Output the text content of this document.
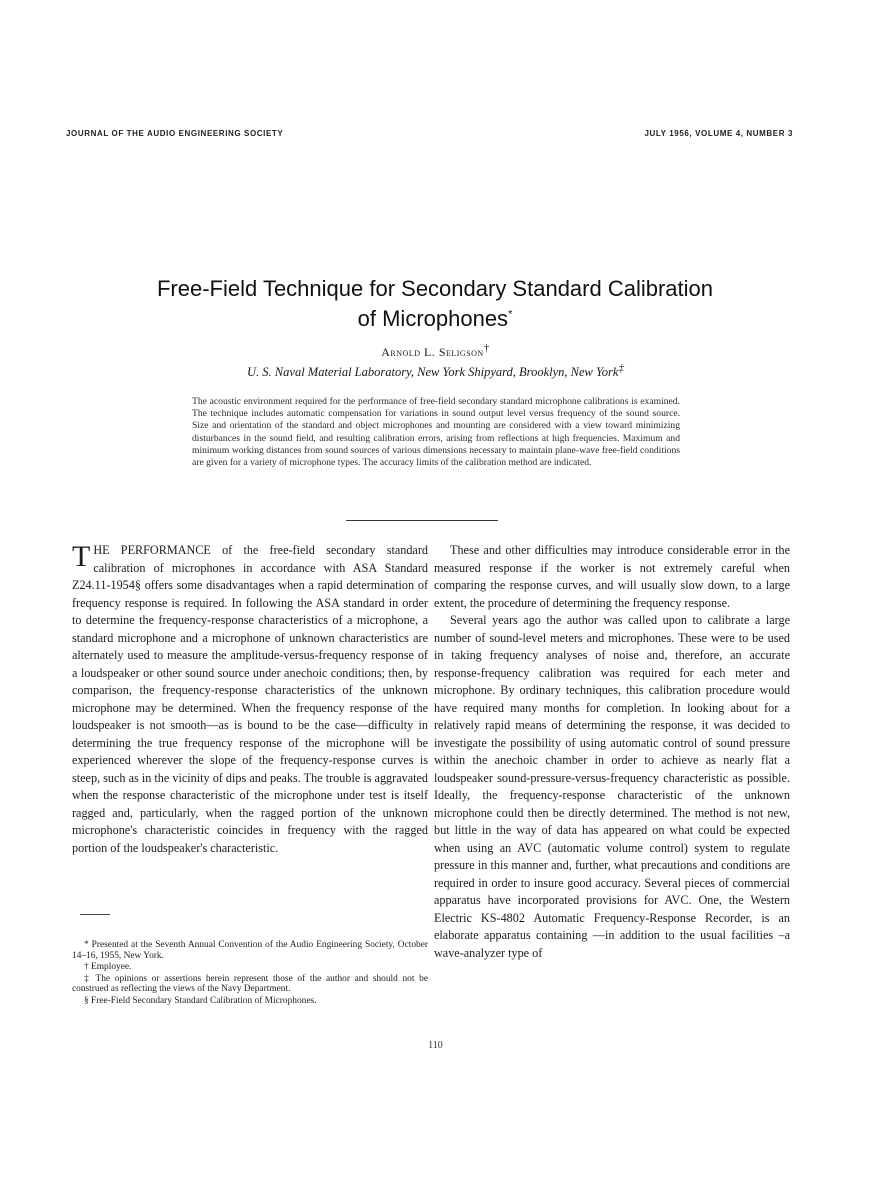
JOURNAL OF THE AUDIO ENGINEERING SOCIETY	JULY 1956, VOLUME 4, NUMBER 3
Free-Field Technique for Secondary Standard Calibration
of Microphones*
Arnold L. Seligson†
U. S. Naval Material Laboratory, New York Shipyard, Brooklyn, New York‡
The acoustic environment required for the performance of free-field secondary standard microphone calibrations is examined. The technique includes automatic compensation for variations in sound output level versus frequency of the sound source. Size and orientation of the standard and object microphones and mounting are considered with a view toward minimizing disturbances in the sound field, and resulting calibration errors, arising from reflections at high frequencies. Maximum and minimum working distances from sound sources of various dimensions necessary to maintain plane-wave free-field conditions are given for a variety of microphone types. The accuracy limits of the calibration method are indicated.

THE PERFORMANCE of the free-field secondary standard calibration of microphones in accordance with ASA Standard Z24.11-1954§ offers some disadvantages when a rapid determination of frequency response is required. In following the ASA standard in order to determine the frequency-response characteristics of a microphone, a standard microphone and a microphone of unknown characteristics are alternately used to measure the amplitude-versus-frequency response of a loudspeaker or other sound source under anechoic conditions; then, by comparison, the frequency-response characteristics of the unknown microphone may be determined. When the frequency response of the loudspeaker is not smooth—as is bound to be the case—difficulty in determining the true frequency response of the microphone will be experienced wherever the slope of the frequency-response curves is steep, such as in the vicinity of dips and peaks. The trouble is aggravated when the response characteristic of the microphone under test is itself ragged and, particularly, when the ragged portion of the unknown microphone's characteristic coincides in frequency with the ragged portion of the loudspeaker's characteristic.

These and other difficulties may introduce considerable error in the measured response if the worker is not extremely careful when comparing the response curves, and will usually slow down, to a large extent, the procedure of determining the frequency response.

Several years ago the author was called upon to calibrate a large number of sound-level meters and microphones. These were to be used in taking frequency analyses of noise and, therefore, an accurate response-frequency calibration was required for each meter and microphone. By ordinary techniques, this calibration procedure would have required many months for completion. In looking about for a relatively rapid means of determining the response, it was decided to investigate the possibility of using automatic control of sound pressure within the anechoic chamber in order to achieve as nearly flat a loudspeaker sound-pressure-versus-frequency characteristic as possible. Ideally, the frequency-response characteristic of the unknown microphone could then be directly determined. The method is not new, but little in the way of data has appeared on what could be expected when using an AVC (automatic volume control) system to regulate pressure in this manner and, further, what precautions and conditions are required in order to insure good accuracy. Several pieces of commercial apparatus have incorporated provisions for AVC. One, the Western Electric KS-4802 Automatic Frequency-Response Recorder, is an elaborate apparatus containing —in addition to the usual facilities –a wave-analyzer type of

* Presented at the Seventh Annual Convention of the Audio Engineering Society, October 14–16, 1955, New York.

† Employee.

‡ The opinions or assertions herein represent those of the author and should not be construed as reflecting the views of the Navy Department.

§ Free-Field Secondary Standard Calibration of Microphones.

110
